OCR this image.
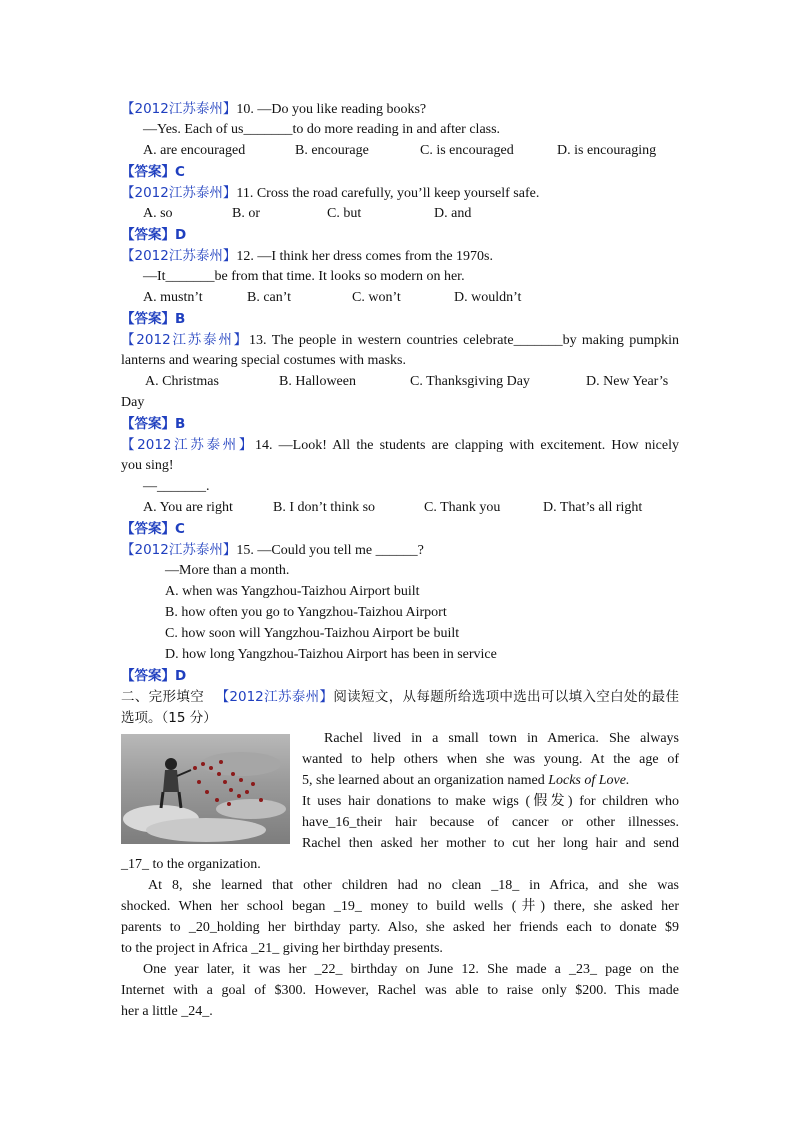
【2012江苏泰州】10. —Do you like reading books?
—Yes. Each of us_______to do more reading in and after class.
A. are encouraged	B. encourage	C. is encouraged	D. is encouraging
【答案】C
【2012江苏泰州】11. Cross the road carefully, you’ll keep yourself safe.
A. so	B. or	C. but	D. and
【答案】D
【2012江苏泰州】12. —I think her dress comes from the 1970s.
—It_______be from that time. It looks so modern on her.
A. mustn’t	B. can’t	C. won’t	D. wouldn’t
【答案】B
【2012江苏泰州】13. The people in western countries celebrate_______by making pumpkin
lanterns and wearing special costumes with masks.
A. Christmas	B. Halloween	C. Thanksgiving Day	D. New Year’s
Day
【答案】B
【2012江苏泰州】14. —Look! All the students are clapping with excitement. How nicely
you sing!
—_______.
A. You are right	B. I don’t think so	C. Thank you	D. That’s all right
【答案】C
【2012江苏泰州】15. —Could you tell me ______?
—More than a month.
A. when was Yangzhou-Taizhou Airport built
B. how often you go to Yangzhou-Taizhou Airport
C. how soon will Yangzhou-Taizhou Airport be built
D. how long Yangzhou-Taizhou Airport has been in service
【答案】D
二、完形填空 【2012江苏泰州】阅读短文，从每题所给选项中选出可以填入空白处的最佳
选项。（15 分）
Rachel lived in a small town in America. She always
wanted to help others when she was young. At the age of
5, she learned about an organization named Locks of Love.
It uses hair donations to make wigs (假发) for children who
have_16_their hair because of cancer or other illnesses.
Rachel then asked her mother to cut her long hair and send
_17_ to the organization.
At 8, she learned that other children had no clean _18_ in Africa, and she was
shocked. When her school began _19_ money to build wells (井) there, she asked her
parents to _20_holding her birthday party. Also, she asked her friends each to donate $9
to the project in Africa _21_ giving her birthday presents.
One year later, it was her _22_ birthday on June 12. She made a _23_ page on the
Internet with a goal of $300. However, Rachel was able to raise only $200. This made
her a little _24_.
